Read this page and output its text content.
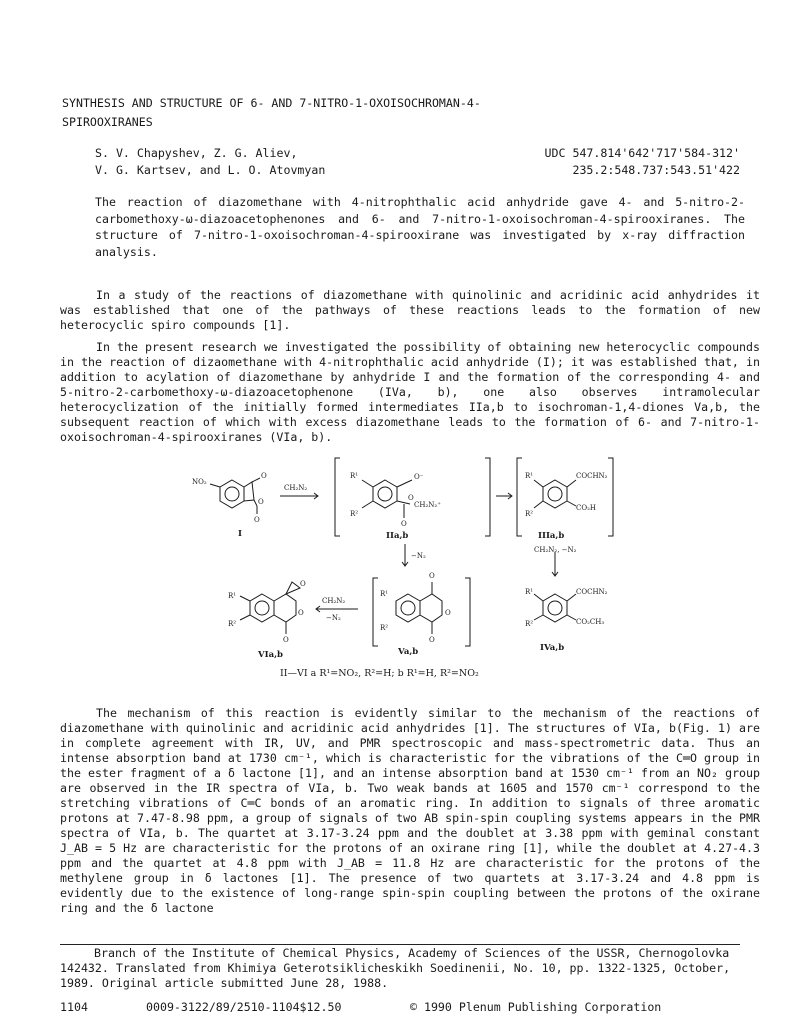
SYNTHESIS AND STRUCTURE OF 6- AND 7-NITRO-1-OXOISOCHROMAN-4-
SPIROOXIRANES
S. V. Chapyshev, Z. G. Aliev,
V. G. Kartsev, and L. O. Atovmyan
UDC 547.814'642'717'584-312'
235.2:548.737:543.51'422
The reaction of diazomethane with 4-nitrophthalic acid anhydride gave 4- and 5-nitro-2-carbomethoxy-ω-diazoacetophenones and 6- and 7-nitro-1-oxoisochroman-4-spirooxiranes. The structure of 7-nitro-1-oxoisochroman-4-spirooxirane was investigated by x-ray diffraction analysis.

In a study of the reactions of diazomethane with quinolinic and acridinic acid anhydrides it was established that one of the pathways of these reactions leads to the formation of new heterocyclic spiro compounds [1].

In the present research we investigated the possibility of obtaining new heterocyclic compounds in the reaction of dizaomethane with 4-nitrophthalic acid anhydride (I); it was established that, in addition to acylation of diazomethane by anhydride I and the formation of the corresponding 4- and 5-nitro-2-carbomethoxy-ω-diazoacetophenone (IVa, b), one also observes intramolecular heterocyclization of the initially formed intermediates IIa,b to isochroman-1,4-diones Va,b, the subsequent reaction of which with excess diazomethane leads to the formation of 6- and 7-nitro-1-oxoisochroman-4-spirooxiranes (VIa, b).

NO₂
O
O
O
I
CH₂N₂
R¹
R²
O⁻
CH₂N₂⁺
O
O
IIa,b
−N₂
R¹
R²
COCHN₂
CO₂H
IIIa,b
CH₂N₂, −N₂
R¹
R²
O
O
O
VIa,b
CH₂N₂
−N₂
R¹
R²
O
O
O
Va,b
R¹
R²
COCHN₂
CO₂CH₃
IVa,b
II—VI a R¹=NO₂, R²=H; b R¹=H, R²=NO₂

The mechanism of this reaction is evidently similar to the mechanism of the reactions of diazomethane with quinolinic and acridinic acid anhydrides [1]. The structures of VIa, b(Fig. 1) are in complete agreement with IR, UV, and PMR spectroscopic and mass-spectrometric data. Thus an intense absorption band at 1730 cm⁻¹, which is characteristic for the vibrations of the C═O group in the ester fragment of a δ lactone [1], and an intense absorption band at 1530 cm⁻¹ from an NO₂ group are observed in the IR spectra of VIa, b. Two weak bands at 1605 and 1570 cm⁻¹ correspond to the stretching vibrations of C═C bonds of an aromatic ring. In addition to signals of three aromatic protons at 7.47-8.98 ppm, a group of signals of two AB spin-spin coupling systems appears in the PMR spectra of VIa, b. The quartet at 3.17-3.24 ppm and the doublet at 3.38 ppm with geminal constant J_AB = 5 Hz are characteristic for the protons of an oxirane ring [1], while the doublet at 4.27-4.3 ppm and the quartet at 4.8 ppm with J_AB = 11.8 Hz are characteristic for the protons of the methylene group in δ lactones [1]. The presence of two quartets at 3.17-3.24 and 4.8 ppm is evidently due to the existence of long-range spin-spin coupling between the protons of the oxirane ring and the δ lactone

Branch of the Institute of Chemical Physics, Academy of Sciences of the USSR, Chernogolovka 142432. Translated from Khimiya Geterotsiklicheskikh Soedinenii, No. 10, pp. 1322-1325, October, 1989. Original article submitted June 28, 1988.

1104	0009-3122/89/2510-1104$12.50	© 1990 Plenum Publishing Corporation
